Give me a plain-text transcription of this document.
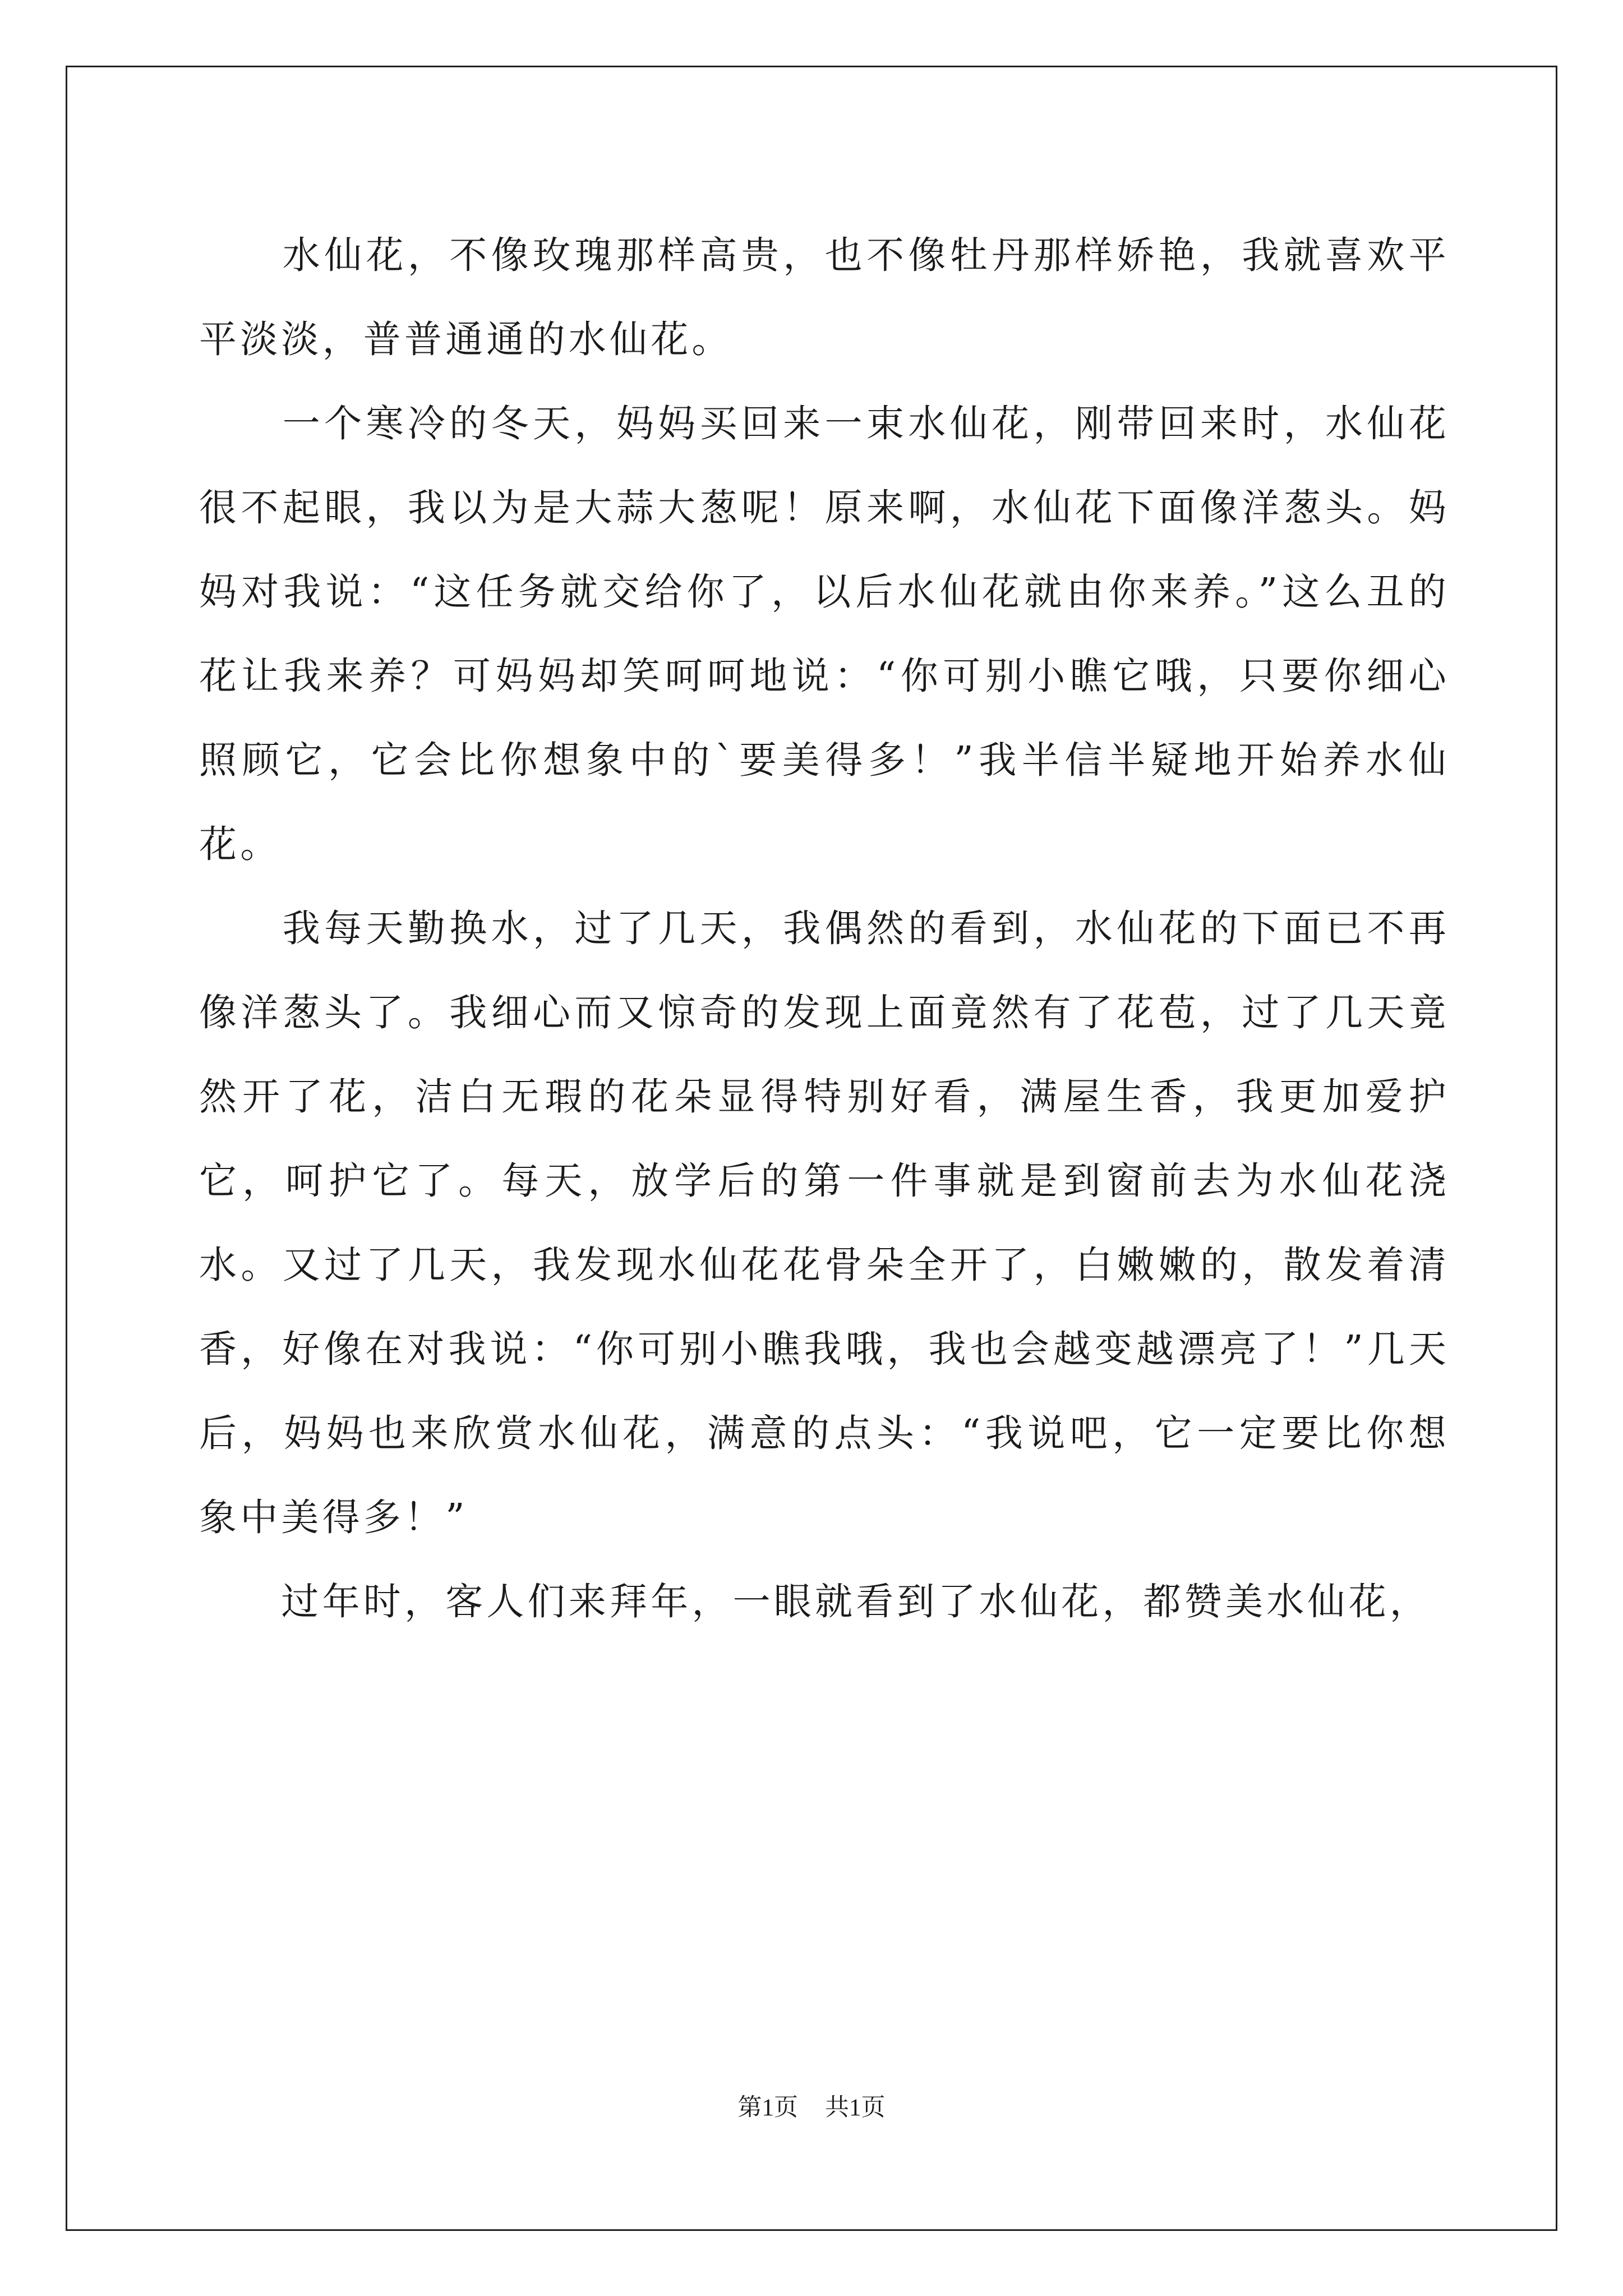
　　水仙花，不像玫瑰那样高贵，也不像牡丹那样娇艳，我就喜欢平平淡淡，普普通通的水仙花。

　　一个寒冷的冬天，妈妈买回来一束水仙花，刚带回来时，水仙花很不起眼，我以为是大蒜大葱呢！原来啊，水仙花下面像洋葱头。妈妈对我说：“这任务就交给你了，以后水仙花就由你来养。”这么丑的花让我来养？可妈妈却笑呵呵地说：“你可别小瞧它哦，只要你细心照顾它，它会比你想象中的`要美得多！”我半信半疑地开始养水仙花。

　　我每天勤换水，过了几天，我偶然的看到，水仙花的下面已不再像洋葱头了。我细心而又惊奇的发现上面竟然有了花苞，过了几天竟然开了花，洁白无瑕的花朵显得特别好看，满屋生香，我更加爱护它，呵护它了。每天，放学后的第一件事就是到窗前去为水仙花浇水。又过了几天，我发现水仙花花骨朵全开了，白嫩嫩的，散发着清香，好像在对我说：“你可别小瞧我哦，我也会越变越漂亮了！”几天后，妈妈也来欣赏水仙花，满意的点头：“我说吧，它一定要比你想象中美得多！”

　　过年时，客人们来拜年，一眼就看到了水仙花，都赞美水仙花，

第1页 共1页
